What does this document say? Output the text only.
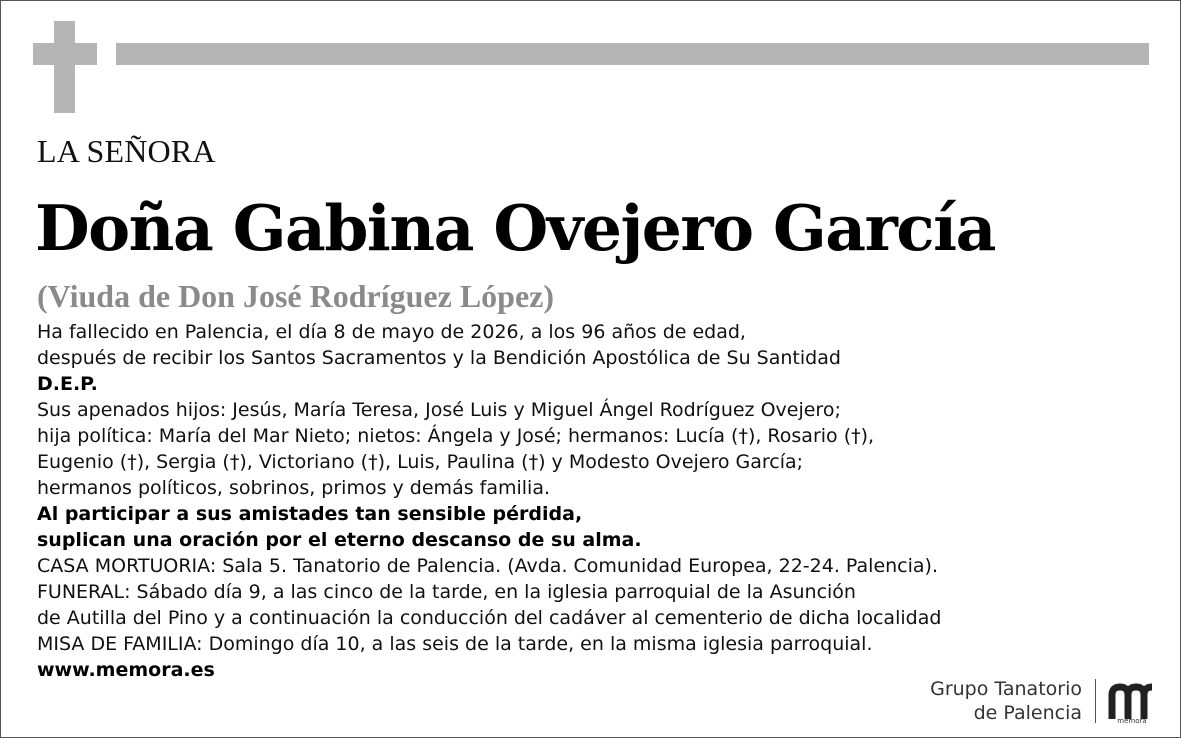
LA SEÑORA
Doña Gabina Ovejero García
(Viuda de Don José Rodríguez López)
Ha fallecido en Palencia, el día 8 de mayo de 2026, a los 96 años de edad,
después de recibir los Santos Sacramentos y la Bendición Apostólica de Su Santidad
D.E.P.
Sus apenados hijos: Jesús, María Teresa, José Luis y Miguel Ángel Rodríguez Ovejero;
hija política: María del Mar Nieto; nietos: Ángela y José; hermanos: Lucía (†), Rosario (†),
Eugenio (†), Sergia (†), Victoriano (†), Luis, Paulina (†) y Modesto Ovejero García;
hermanos políticos, sobrinos, primos y demás familia.
Al participar a sus amistades tan sensible pérdida,
suplican una oración por el eterno descanso de su alma.
CASA MORTUORIA: Sala 5. Tanatorio de Palencia. (Avda. Comunidad Europea, 22-24. Palencia).
FUNERAL: Sábado día 9, a las cinco de la tarde, en la iglesia parroquial de la Asunción
de Autilla del Pino y a continuación la conducción del cadáver al cementerio de dicha localidad
MISA DE FAMILIA: Domingo día 10, a las seis de la tarde, en la misma iglesia parroquial.
www.memora.es
Grupo Tanatorio
de Palencia	mémora
